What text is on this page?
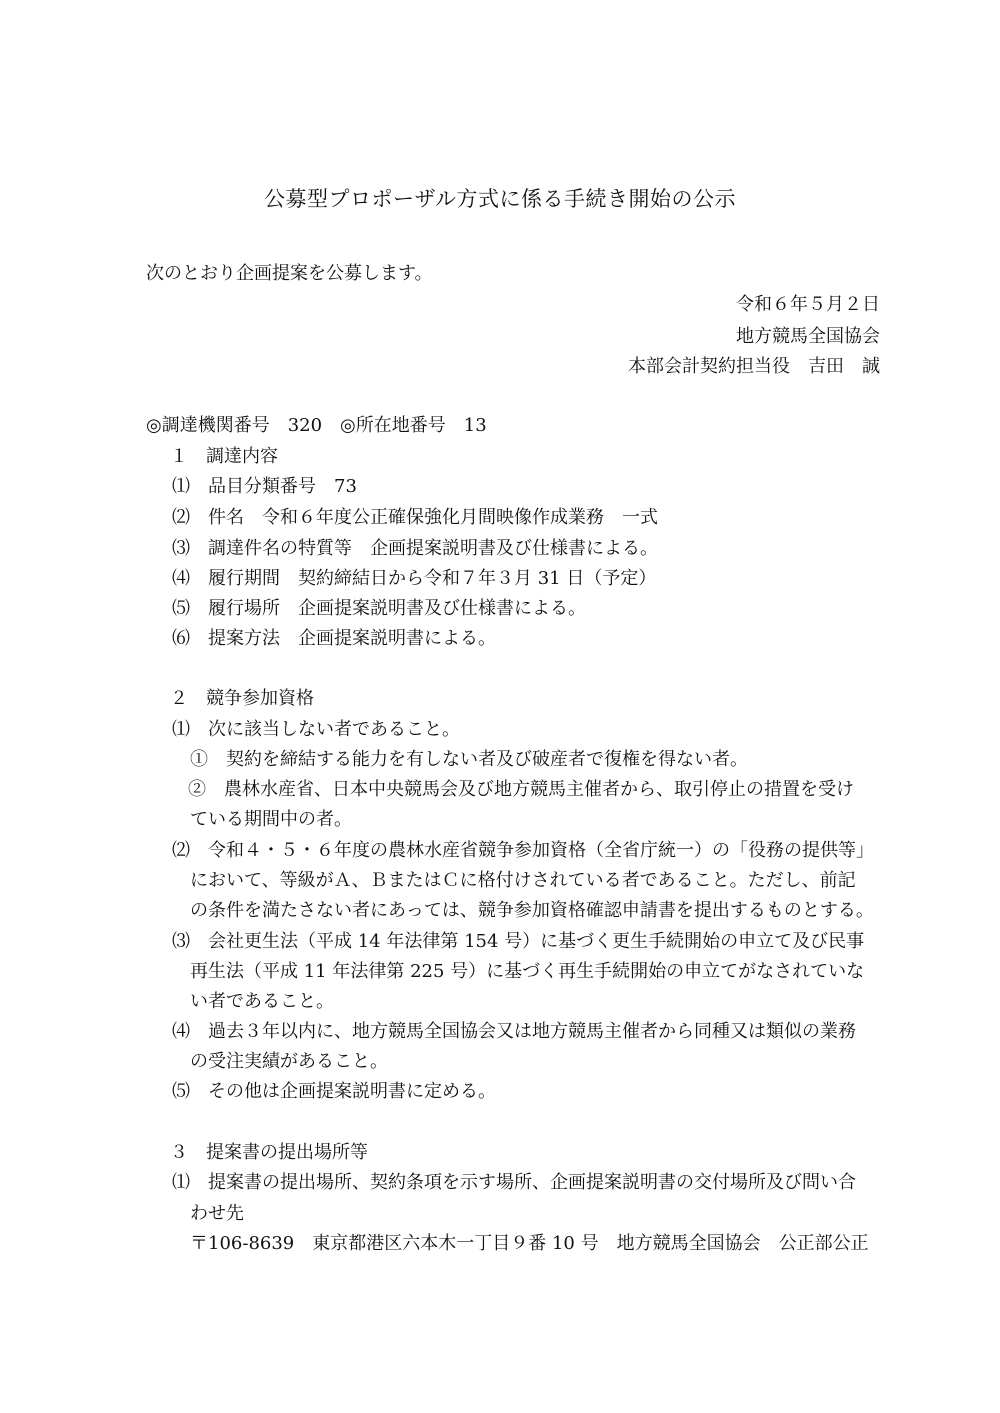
公募型プロポーザル方式に係る手続き開始の公示
次のとおり企画提案を公募します。
令和６年５月２日
地方競馬全国協会
本部会計契約担当役　吉田　誠
◎調達機関番号　320　◎所在地番号　13
１　調達内容
⑴　品目分類番号　73
⑵　件名　令和６年度公正確保強化月間映像作成業務　一式
⑶　調達件名の特質等　企画提案説明書及び仕様書による。
⑷　履行期間　契約締結日から令和７年３月 31 日（予定）
⑸　履行場所　企画提案説明書及び仕様書による。
⑹　提案方法　企画提案説明書による。
２　競争参加資格
⑴　次に該当しない者であること。
①　契約を締結する能力を有しない者及び破産者で復権を得ない者。
②　農林水産省、日本中央競馬会及び地方競馬主催者から、取引停止の措置を受け
ている期間中の者。
⑵　令和４・５・６年度の農林水産省競争参加資格（全省庁統一）の「役務の提供等」
において、等級がＡ、ＢまたはＣに格付けされている者であること。ただし、前記
の条件を満たさない者にあっては、競争参加資格確認申請書を提出するものとする。
⑶　会社更生法（平成 14 年法律第 154 号）に基づく更生手続開始の申立て及び民事
再生法（平成 11 年法律第 225 号）に基づく再生手続開始の申立てがなされていな
い者であること。
⑷　過去３年以内に、地方競馬全国協会又は地方競馬主催者から同種又は類似の業務
の受注実績があること。
⑸　その他は企画提案説明書に定める。
３　提案書の提出場所等
⑴　提案書の提出場所、契約条項を示す場所、企画提案説明書の交付場所及び問い合
わせ先
〒106-8639　東京都港区六本木一丁目９番 10 号　地方競馬全国協会　公正部公正
